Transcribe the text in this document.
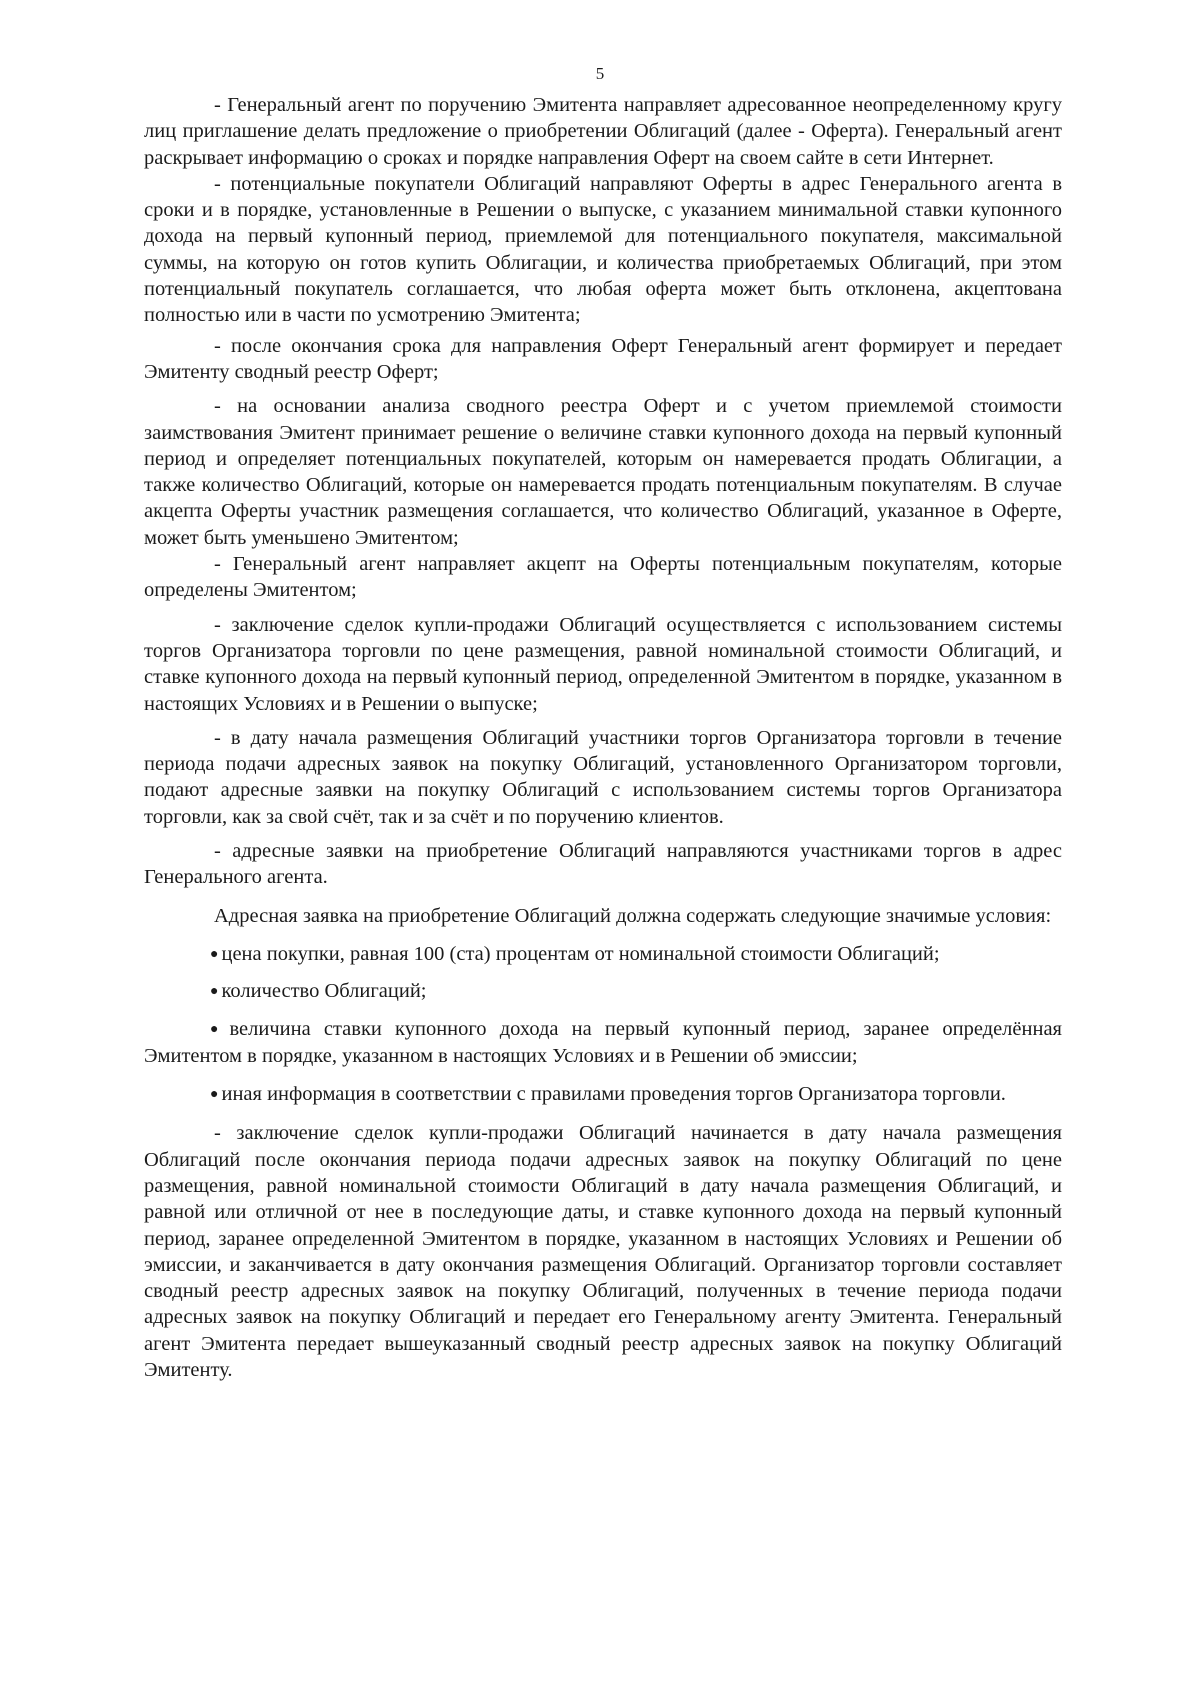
5

- Генеральный агент по поручению Эмитента направляет адресованное неопределенному кругу лиц приглашение делать предложение о приобретении Облигаций (далее - Оферта). Генеральный агент раскрывает информацию о сроках и порядке направления Оферт на своем сайте в сети Интернет.

- потенциальные покупатели Облигаций направляют Оферты в адрес Генерального агента в сроки и в порядке, установленные в Решении о выпуске, с указанием минимальной ставки купонного дохода на первый купонный период, приемлемой для потенциального покупателя, максимальной суммы, на которую он готов купить Облигации, и количества приобретаемых Облигаций, при этом потенциальный покупатель соглашается, что любая оферта может быть отклонена, акцептована полностью или в части по усмотрению Эмитента;

- после окончания срока для направления Оферт Генеральный агент формирует и передает Эмитенту сводный реестр Оферт;

- на основании анализа сводного реестра Оферт и с учетом приемлемой стоимости заимствования Эмитент принимает решение о величине ставки купонного дохода на первый купонный период и определяет потенциальных покупателей, которым он намеревается продать Облигации, а также количество Облигаций, которые он намеревается продать потенциальным покупателям. В случае акцепта Оферты участник размещения соглашается, что количество Облигаций, указанное в Оферте, может быть уменьшено Эмитентом;

- Генеральный агент направляет акцепт на Оферты потенциальным покупателям, которые определены Эмитентом;

- заключение сделок купли-продажи Облигаций осуществляется с использованием системы торгов Организатора торговли по цене размещения, равной номинальной стоимости Облигаций, и ставке купонного дохода на первый купонный период, определенной Эмитентом в порядке, указанном в настоящих Условиях и в Решении о выпуске;

- в дату начала размещения Облигаций участники торгов Организатора торговли в течение периода подачи адресных заявок на покупку Облигаций, установленного Организатором торговли, подают адресные заявки на покупку Облигаций с использованием системы торгов Организатора торговли, как за свой счёт, так и за счёт и по поручению клиентов.

- адресные заявки на приобретение Облигаций направляются участниками торгов в адрес Генерального агента.

Адресная заявка на приобретение Облигаций должна содержать следующие значимые условия:

● цена покупки, равная 100 (ста) процентам от номинальной стоимости Облигаций;

● количество Облигаций;

● величина ставки купонного дохода на первый купонный период, заранее определённая Эмитентом в порядке, указанном в настоящих Условиях и в Решении об эмиссии;

● иная информация в соответствии с правилами проведения торгов Организатора торговли.

- заключение сделок купли-продажи Облигаций начинается в дату начала размещения Облигаций после окончания периода подачи адресных заявок на покупку Облигаций по цене размещения, равной номинальной стоимости Облигаций в дату начала размещения Облигаций, и равной или отличной от нее в последующие даты, и ставке купонного дохода на первый купонный период, заранее определенной Эмитентом в порядке, указанном в настоящих Условиях и Решении об эмиссии, и заканчивается в дату окончания размещения Облигаций. Организатор торговли составляет сводный реестр адресных заявок на покупку Облигаций, полученных в течение периода подачи адресных заявок на покупку Облигаций и передает его Генеральному агенту Эмитента. Генеральный агент Эмитента передает вышеуказанный сводный реестр адресных заявок на покупку Облигаций Эмитенту.
